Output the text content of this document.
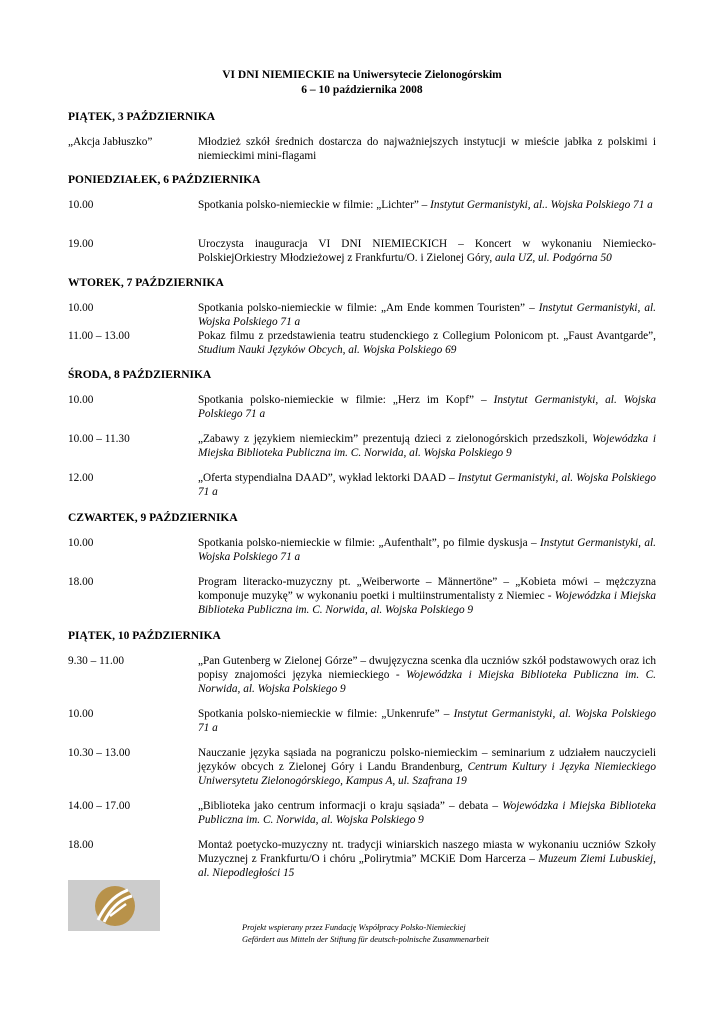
VI DNI NIEMIECKIE na Uniwersytecie Zielonogórskim
6 – 10 października 2008
PIĄTEK, 3 PAŹDZIERNIKA
„Akcja Jabłuszko”	Młodzież szkół średnich dostarcza do najważniejszych instytucji w mieście jabłka z polskimi i niemieckimi mini-flagami
PONIEDZIAŁEK, 6 PAŹDZIERNIKA
10.00	Spotkania polsko-niemieckie w filmie: „Lichter” – Instytut Germanistyki, al.. Wojska Polskiego 71 a
19.00	Uroczysta inauguracja VI DNI NIEMIECKICH – Koncert w wykonaniu Niemiecko-PolskiejOrkiestry Młodzieżowej z Frankfurtu/O. i Zielonej Góry, aula UZ, ul. Podgórna 50
WTOREK, 7 PAŹDZIERNIKA
10.00	Spotkania polsko-niemieckie w filmie: „Am Ende kommen Touristen” – Instytut Germanistyki, al. Wojska Polskiego 71 a
11.00 – 13.00	Pokaz filmu z przedstawienia teatru studenckiego z Collegium Polonicom pt. „Faust Avantgarde”, Studium Nauki Języków Obcych, al. Wojska Polskiego 69
ŚRODA, 8 PAŹDZIERNIKA
10.00	Spotkania polsko-niemieckie w filmie: „Herz im Kopf” – Instytut Germanistyki, al. Wojska Polskiego 71 a
10.00 – 11.30	„Zabawy z językiem niemieckim” prezentują dzieci z zielonogórskich przedszkoli, Wojewódzka i Miejska Biblioteka Publiczna im. C. Norwida, al. Wojska Polskiego 9
12.00	„Oferta stypendialna DAAD”, wykład lektorki DAAD – Instytut Germanistyki, al. Wojska Polskiego 71 a
CZWARTEK, 9 PAŹDZIERNIKA
10.00	Spotkania polsko-niemieckie w filmie: „Aufenthalt”, po filmie dyskusja – Instytut Germanistyki, al. Wojska Polskiego 71 a
18.00	Program literacko-muzyczny pt. „Weiberworte – Männertöne” – „Kobieta mówi – mężczyzna komponuje muzykę” w wykonaniu poetki i multiinstrumentalisty z Niemiec - Wojewódzka i Miejska Biblioteka Publiczna im. C. Norwida, al. Wojska Polskiego 9
PIĄTEK, 10 PAŹDZIERNIKA
9.30 – 11.00	„Pan Gutenberg w Zielonej Górze” – dwujęzyczna scenka dla uczniów szkół podstawowych oraz ich popisy znajomości języka niemieckiego - Wojewódzka i Miejska Biblioteka Publiczna im. C. Norwida, al. Wojska Polskiego 9
10.00	Spotkania polsko-niemieckie w filmie: „Unkenrufe” – Instytut Germanistyki, al. Wojska Polskiego 71 a
10.30 – 13.00	Nauczanie języka sąsiada na pograniczu polsko-niemieckim – seminarium z udziałem nauczycieli języków obcych z Zielonej Góry i Landu Brandenburg, Centrum Kultury i Języka Niemieckiego Uniwersytetu Zielonogórskiego, Kampus A, ul. Szafrana 19
14.00 – 17.00	„Biblioteka jako centrum informacji o kraju sąsiada” – debata – Wojewódzka i Miejska Biblioteka Publiczna im. C. Norwida, al. Wojska Polskiego 9
18.00	Montaż poetycko-muzyczny nt. tradycji winiarskich naszego miasta w wykonaniu uczniów Szkoły Muzycznej z Frankfurtu/O i chóru „Polirytmia” MCKiE Dom Harcerza – Muzeum Ziemi Lubuskiej, al. Niepodległości 15
Projekt wspierany przez Fundację Współpracy Polsko-Niemieckiej
Gefördert aus Mitteln der Stiftung für deutsch-polnische Zusammenarbeit
